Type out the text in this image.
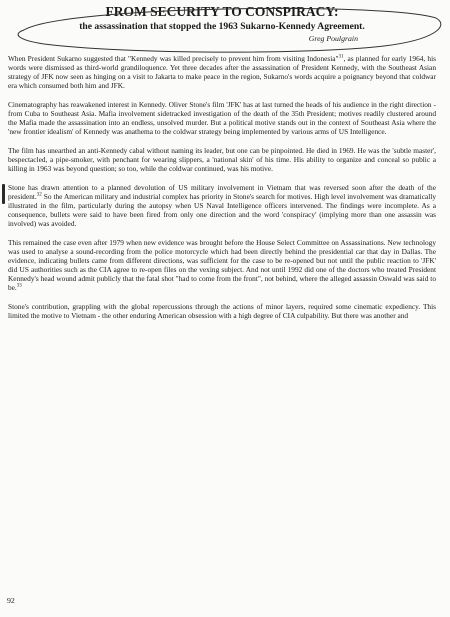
FROM SECURITY TO CONSPIRACY:
the assassination that stopped the 1963 Sukarno-Kennedy Agreement.
Greg Poulgrain

When President Sukarno suggested that "Kennedy was killed precisely to prevent him from visiting Indonesia"$^{31}$, as planned for early 1964, his words were dismissed as third-world grandiloquence. Yet three decades after the assassination of President Kennedy, with the Southeast Asian strategy of JFK now seen as hinging on a visit to Jakarta to make peace in the region, Sukarno's words acquire a poignancy beyond that coldwar era which consumed both him and JFK.

Cinematography has reawakened interest in Kennedy. Oliver Stone's film 'JFK' has at last turned the heads of his audience in the right direction - from Cuba to Southeast Asia. Mafia involvement sidetracked investigation of the death of the 35th President; motives readily clustered around the Mafia made the assassination into an endless, unsolved murder. But a political motive stands out in the context of Southeast Asia where the 'new frontier idealism' of Kennedy was anathema to the coldwar strategy being implemented by various arms of US Intelligence.

The film has unearthed an anti-Kennedy cabal without naming its leader, but one can be pinpointed. He died in 1969. He was the 'subtle master', bespectacled, a pipe-smoker, with penchant for wearing slippers, a 'national skin' of his time. His ability to organize and conceal so public a killing in 1963 was beyond question; so too, while the coldwar continued, was his motive.

Stone has drawn attention to a planned devolution of US military involvement in Vietnam that was reversed soon after the death of the president.$^{32}$ So the American military and industrial complex has priority in Stone's search for motives. High level involvement was dramatically illustrated in the film, particularly during the autopsy when US Naval Intelligence officers intervened. The findings were incomplete. As a consequence, bullets were said to have been fired from only one direction and the word 'conspiracy' (implying more than one assassin was involved) was avoided.

This remained the case even after 1979 when new evidence was brought before the House Select Committee on Assassinations. New technology was used to analyse a sound-recording from the police motorcycle which had been directly behind the presidential car that day in Dallas. The evidence, indicating bullets came from different directions, was sufficient for the case to be re-opened but not until the public reaction to 'JFK' did US authorities such as the CIA agree to re-open files on the vexing subject. And not until 1992 did one of the doctors who treated President Kennedy's head wound admit publicly that the fatal shot "had to come from the front", not behind, where the alleged assassin Oswald was said to be.$^{33}$

Stone's contribution, grappling with the global repercussions through the actions of minor layers, required some cinematic expediency. This limited the motive to Vietnam - the other enduring American obsession with a high degree of CIA culpability. But there was another and

92
